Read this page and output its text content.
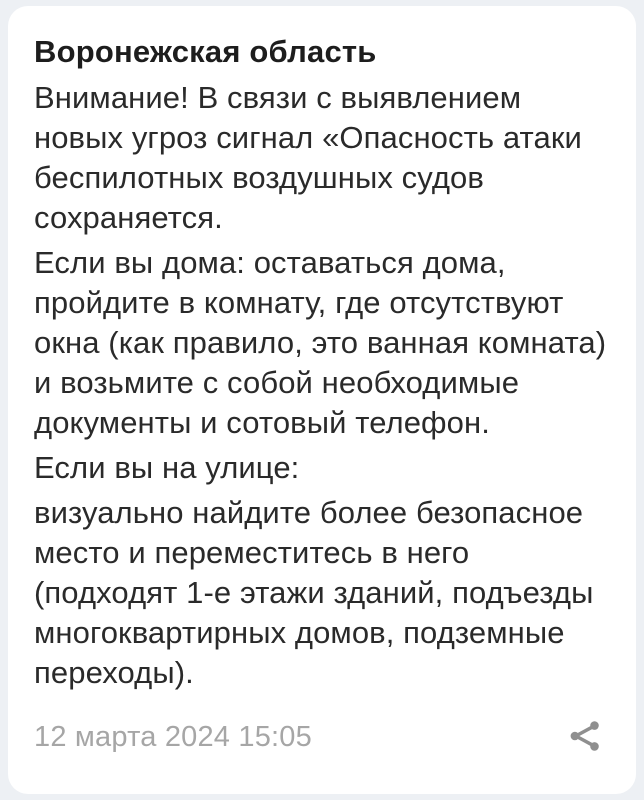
Воронежская область

Внимание! В связи с выявлением новых угроз сигнал «Опасность атаки беспилотных воздушных судов сохраняется.

Если вы дома: оставаться дома, пройдите в комнату, где отсутствуют окна (как правило, это ванная комната) и возьмите с собой необходимые документы и сотовый телефон.

Если вы на улице:

визуально найдите более безопасное место и переместитесь в него (подходят 1-е этажи зданий, подъезды многоквартирных домов, подземные переходы).

12 марта 2024 15:05
